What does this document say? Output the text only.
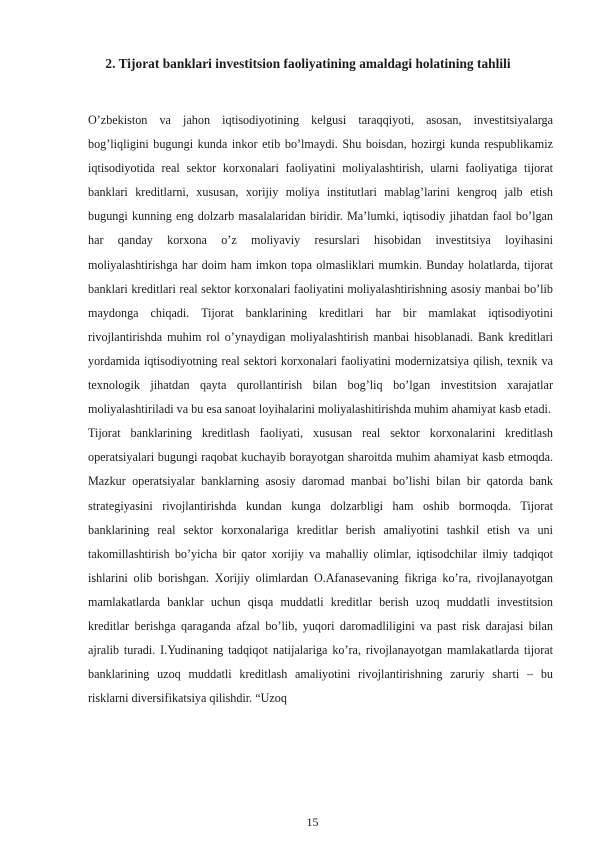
2. Tijorat banklari investitsion faoliyatining amaldagi holatining tahlili

O’zbekiston va jahon iqtisodiyotining kelgusi taraqqiyoti, asosan, investitsiyalarga bog’liqligini bugungi kunda inkor etib bo’lmaydi. Shu boisdan, hozirgi kunda respublikamiz iqtisodiyotida real sektor korxonalari faoliyatini moliyalashtirish, ularni faoliyatiga tijorat banklari kreditlarni, xususan, xorijiy moliya institutlari mablag’larini kengroq jalb etish bugungi kunning eng dolzarb masalalaridan biridir. Ma’lumki, iqtisodiy jihatdan faol bo’lgan har qanday korxona o’z moliyaviy resurslari hisobidan investitsiya loyihasini moliyalashtirishga har doim ham imkon topa olmasliklari mumkin. Bunday holatlarda, tijorat banklari kreditlari real sektor korxonalari faoliyatini moliyalashtirishning asosiy manbai bo’lib maydonga chiqadi. Tijorat banklarining kreditlari har bir mamlakat iqtisodiyotini rivojlantirishda muhim rol o’ynaydigan moliyalashtirish manbai hisoblanadi. Bank kreditlari yordamida iqtisodiyotning real sektori korxonalari faoliyatini modernizatsiya qilish, texnik va texnologik jihatdan qayta qurollantirish bilan bog’liq bo’lgan investitsion xarajatlar moliyalashtiriladi va bu esa sanoat loyihalarini moliyalashitirishda muhim ahamiyat kasb etadi.

Tijorat banklarining kreditlash faoliyati, xususan real sektor korxonalarini kreditlash operatsiyalari bugungi raqobat kuchayib borayotgan sharoitda muhim ahamiyat kasb etmoqda. Mazkur operatsiyalar banklarning asosiy daromad manbai bo’lishi bilan bir qatorda bank strategiyasini rivojlantirishda kundan kunga dolzarbligi ham oshib bormoqda. Tijorat banklarining real sektor korxonalariga kreditlar berish amaliyotini tashkil etish va uni takomillashtirish bo’yicha bir qator xorijiy va mahalliy olimlar, iqtisodchilar ilmiy tadqiqot ishlarini olib borishgan. Xorijiy olimlardan O.Afanasevaning fikriga ko’ra, rivojlanayotgan mamlakatlarda banklar uchun qisqa muddatli kreditlar berish uzoq muddatli investitsion kreditlar berishga qaraganda afzal bo’lib, yuqori daromadliligini va past risk darajasi bilan ajralib turadi. I.Yudinaning tadqiqot natijalariga ko’ra, rivojlanayotgan mamlakatlarda tijorat banklarining uzoq muddatli kreditlash amaliyotini rivojlantirishning zaruriy sharti – bu risklarni diversifikatsiya qilishdir. “Uzoq

15
